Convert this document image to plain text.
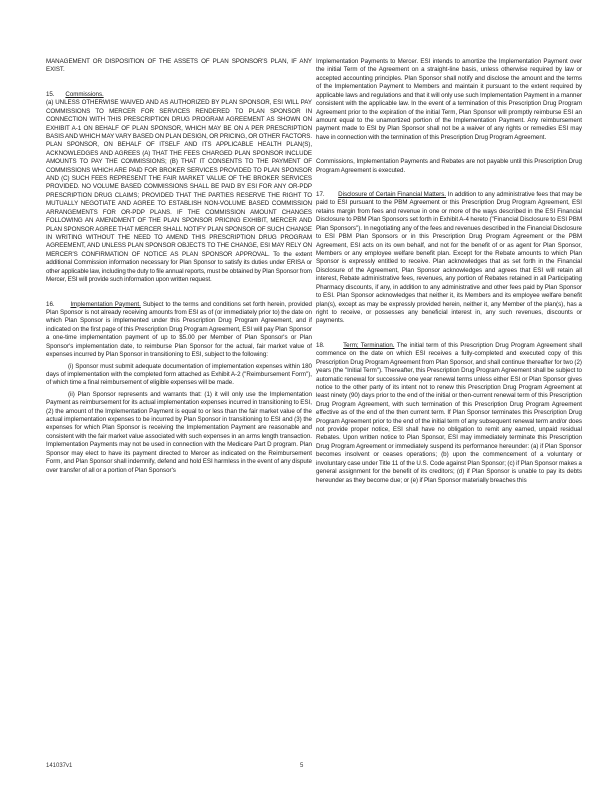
MANAGEMENT OR DISPOSITION OF THE ASSETS OF PLAN SPONSOR'S PLAN, IF ANY EXIST.

15. Commissions.
(a) UNLESS OTHERWISE WAIVED AND AS AUTHORIZED BY PLAN SPONSOR, ESI WILL PAY COMMISSIONS TO MERCER FOR SERVICES RENDERED TO PLAN SPONSOR IN CONNECTION WITH THIS PRESCRIPTION DRUG PROGRAM AGREEMENT AS SHOWN ON EXHIBIT A-1 ON BEHALF OF PLAN SPONSOR, WHICH MAY BE ON A PER PRESCRIPTION BASIS AND WHICH MAY VARY BASED ON PLAN DESIGN, OR PRICING, OR OTHER FACTORS. PLAN SPONSOR, ON BEHALF OF ITSELF AND ITS APPLICABLE HEALTH PLAN(S), ACKNOWLEDGES AND AGREES (A) THAT THE FEES CHARGED PLAN SPONSOR INCLUDE AMOUNTS TO PAY THE COMMISSIONS; (B) THAT IT CONSENTS TO THE PAYMENT OF COMMISSIONS WHICH ARE PAID FOR BROKER SERVICES PROVIDED TO PLAN SPONSOR AND (C) SUCH FEES REPRESENT THE FAIR MARKET VALUE OF THE BROKER SERVICES PROVIDED. NO VOLUME BASED COMMISSIONS SHALL BE PAID BY ESI FOR ANY OR-PDP PRESCRIPTION DRUG CLAIMS; PROVIDED THAT THE PARTIES RESERVE THE RIGHT TO MUTUALLY NEGOTIATE AND AGREE TO ESTABLISH NON-VOLUME BASED COMMISSION ARRANGEMENTS FOR OR-PDP PLANS. IF THE COMMISSION AMOUNT CHANGES FOLLOWING AN AMENDMENT OF THE PLAN SPONSOR PRICING EXHIBIT, MERCER AND PLAN SPONSOR AGREE THAT MERCER SHALL NOTIFY PLAN SPONSOR OF SUCH CHANGE IN WRITING WITHOUT THE NEED TO AMEND THIS PRESCRIPTION DRUG PROGRAM AGREEMENT, AND UNLESS PLAN SPONSOR OBJECTS TO THE CHANGE, ESI MAY RELY ON MERCER'S CONFIRMATION OF NOTICE AS PLAN SPONSOR APPROVAL. To the extent additional Commission information necessary for Plan Sponsor to satisfy its duties under ERISA or other applicable law, including the duty to file annual reports, must be obtained by Plan Sponsor from Mercer, ESI will provide such information upon written request.

16.	Implementation Payment. Subject to the terms and conditions set forth herein, provided Plan Sponsor is not already receiving amounts from ESI as of (or immediately prior to) the date on which Plan Sponsor is implemented under this Prescription Drug Program Agreement, and if indicated on the first page of this Prescription Drug Program Agreement, ESI will pay Plan Sponsor a one-time implementation payment of up to $5.00 per Member of Plan Sponsor's or Plan Sponsor's implementation date, to reimburse Plan Sponsor for the actual, fair market value of expenses incurred by Plan Sponsor in transitioning to ESI, subject to the following:

(i) Sponsor must submit adequate documentation of implementation expenses within 180 days of implementation with the completed form attached as Exhibit A-2 ("Reimbursement Form"), of which time a final reimbursement of eligible expenses will be made.

(ii) Plan Sponsor represents and warrants that: (1) it will only use the Implementation Payment as reimbursement for its actual implementation expenses incurred in transitioning to ESI, (2) the amount of the Implementation Payment is equal to or less than the fair market value of the actual implementation expenses to be incurred by Plan Sponsor in transitioning to ESI and (3) the expenses for which Plan Sponsor is receiving the Implementation Payment are reasonable and consistent with the fair market value associated with such expenses in an arms length transaction. Implementation Payments may not be used in connection with the Medicare Part D program. Plan Sponsor may elect to have its payment directed to Mercer as indicated on the Reimbursement Form, and Plan Sponsor shall indemnify, defend and hold ESI harmless in the event of any dispute over transfer of all or a portion of Plan Sponsor's

Implementation Payments to Mercer. ESI intends to amortize the Implementation Payment over the initial Term of the Agreement on a straight-line basis, unless otherwise required by law or accepted accounting principles. Plan Sponsor shall notify and disclose the amount and the terms of the Implementation Payment to Members and maintain it pursuant to the extent required by applicable laws and regulations and that it will only use such Implementation Payment in a manner consistent with the applicable law. In the event of a termination of this Prescription Drug Program Agreement prior to the expiration of the initial Term, Plan Sponsor will promptly reimburse ESI an amount equal to the unamortized portion of the Implementation Payment. Any reimbursement payment made to ESI by Plan Sponsor shall not be a waiver of any rights or remedies ESI may have in connection with the termination of this Prescription Drug Program Agreement.

Commissions, Implementation Payments and Rebates are not payable until this Prescription Drug Program Agreement is executed.

17. Disclosure of Certain Financial Matters. In addition to any administrative fees that may be paid to ESI pursuant to the PBM Agreement or this Prescription Drug Program Agreement, ESI retains margin from fees and revenue in one or more of the ways described in the ESI Financial Disclosure to PBM Plan Sponsors set forth in Exhibit A-4 hereto ("Financial Disclosure to ESI PBM Plan Sponsors"). In negotiating any of the fees and revenues described in the Financial Disclosure to ESI PBM Plan Sponsors or in this Prescription Drug Program Agreement or the PBM Agreement, ESI acts on its own behalf, and not for the benefit of or as agent for Plan Sponsor, Members or any employee welfare benefit plan. Except for the Rebate amounts to which Plan Sponsor is expressly entitled to receive. Plan acknowledges that as set forth in the Financial Disclosure of the Agreement, Plan Sponsor acknowledges and agrees that ESI will retain all interest, Rebate administrative fees, revenues, any portion of Rebates retained in all Participating Pharmacy discounts, if any, in addition to any administrative and other fees paid by Plan Sponsor to ESI. Plan Sponsor acknowledges that neither it, its Members and its employee welfare benefit plan(s), except as may be expressly provided herein, neither it, any Member of the plan(s), has a right to receive, or possesses any beneficial interest in, any such revenues, discounts or payments.

18.	Term; Termination. The initial term of this Prescription Drug Program Agreement shall commence on the date on which ESI receives a fully-completed and executed copy of this Prescription Drug Program Agreement from Plan Sponsor, and shall continue thereafter for two (2) years (the "Initial Term"). Thereafter, this Prescription Drug Program Agreement shall be subject to automatic renewal for successive one year renewal terms unless either ESI or Plan Sponsor gives notice to the other party of its intent not to renew this Prescription Drug Program Agreement at least ninety (90) days prior to the end of the initial or then-current renewal term of this Prescription Drug Program Agreement, with such termination of this Prescription Drug Program Agreement effective as of the end of the then current term. If Plan Sponsor terminates this Prescription Drug Program Agreement prior to the end of the initial term of any subsequent renewal term and/or does not provide proper notice, ESI shall have no obligation to remit any earned, unpaid residual Rebates. Upon written notice to Plan Sponsor, ESI may immediately terminate this Prescription Drug Program Agreement or immediately suspend its performance hereunder: (a) if Plan Sponsor becomes insolvent or ceases operations; (b) upon the commencement of a voluntary or involuntary case under Title 11 of the U.S. Code against Plan Sponsor; (c) if Plan Sponsor makes a general assignment for the benefit of its creditors; (d) if Plan Sponsor is unable to pay its debts hereunder as they become due; or (e) if Plan Sponsor materially breaches this

141037v1	5
